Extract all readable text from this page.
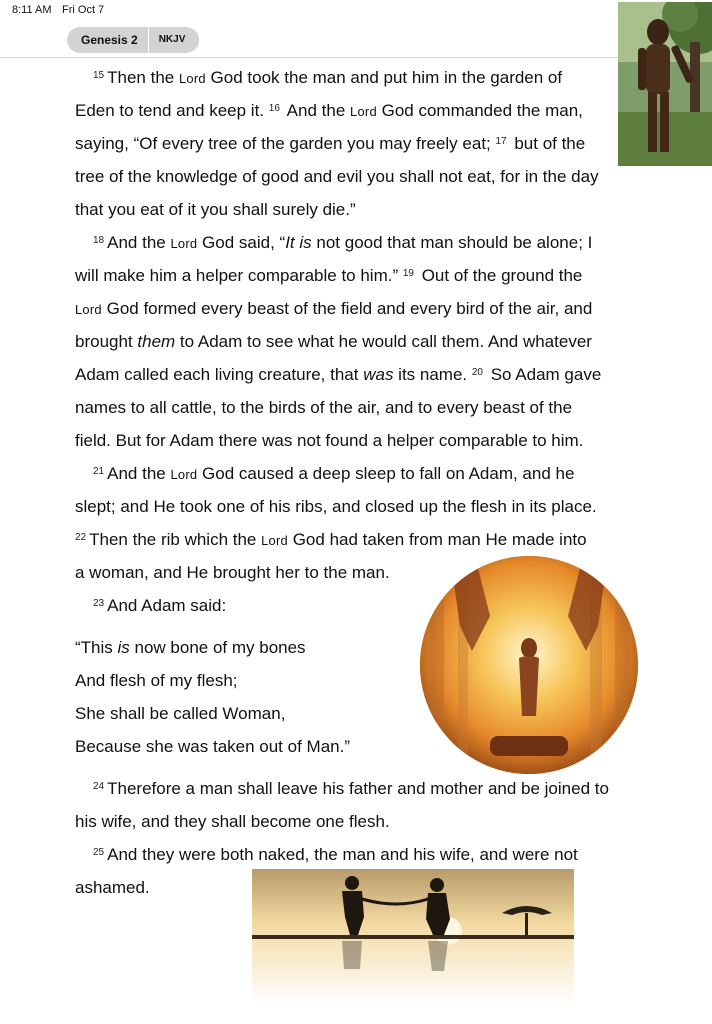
8:11 AM Fri Oct 7
Genesis 2	NKJV
$^{15}$ Then the Lord God took the man and put him in the garden of
Eden to tend and keep it. $^{16}$ And the Lord God commanded the man,
saying, “Of every tree of the garden you may freely eat; $^{17}$ but of the
tree of the knowledge of good and evil you shall not eat, for in the day
that you eat of it you shall surely die.”
$^{18}$ And the Lord God said, “It is not good that man should be alone; I
will make him a helper comparable to him.” $^{19}$ Out of the ground the
Lord God formed every beast of the field and every bird of the air, and
brought them to Adam to see what he would call them. And whatever
Adam called each living creature, that was its name. $^{20}$ So Adam gave
names to all cattle, to the birds of the air, and to every beast of the
field. But for Adam there was not found a helper comparable to him.
$^{21}$ And the Lord God caused a deep sleep to fall on Adam, and he
slept; and He took one of his ribs, and closed up the flesh in its place.
$^{22}$ Then the rib which the Lord God had taken from man He made into
a woman, and He brought her to the man.
$^{23}$ And Adam said:
“This is now bone of my bones
And flesh of my flesh;
She shall be called Woman,
Because she was taken out of Man.”
$^{24}$ Therefore a man shall leave his father and mother and be joined to
his wife, and they shall become one flesh.
$^{25}$ And they were both naked, the man and his wife, and were not
ashamed.
